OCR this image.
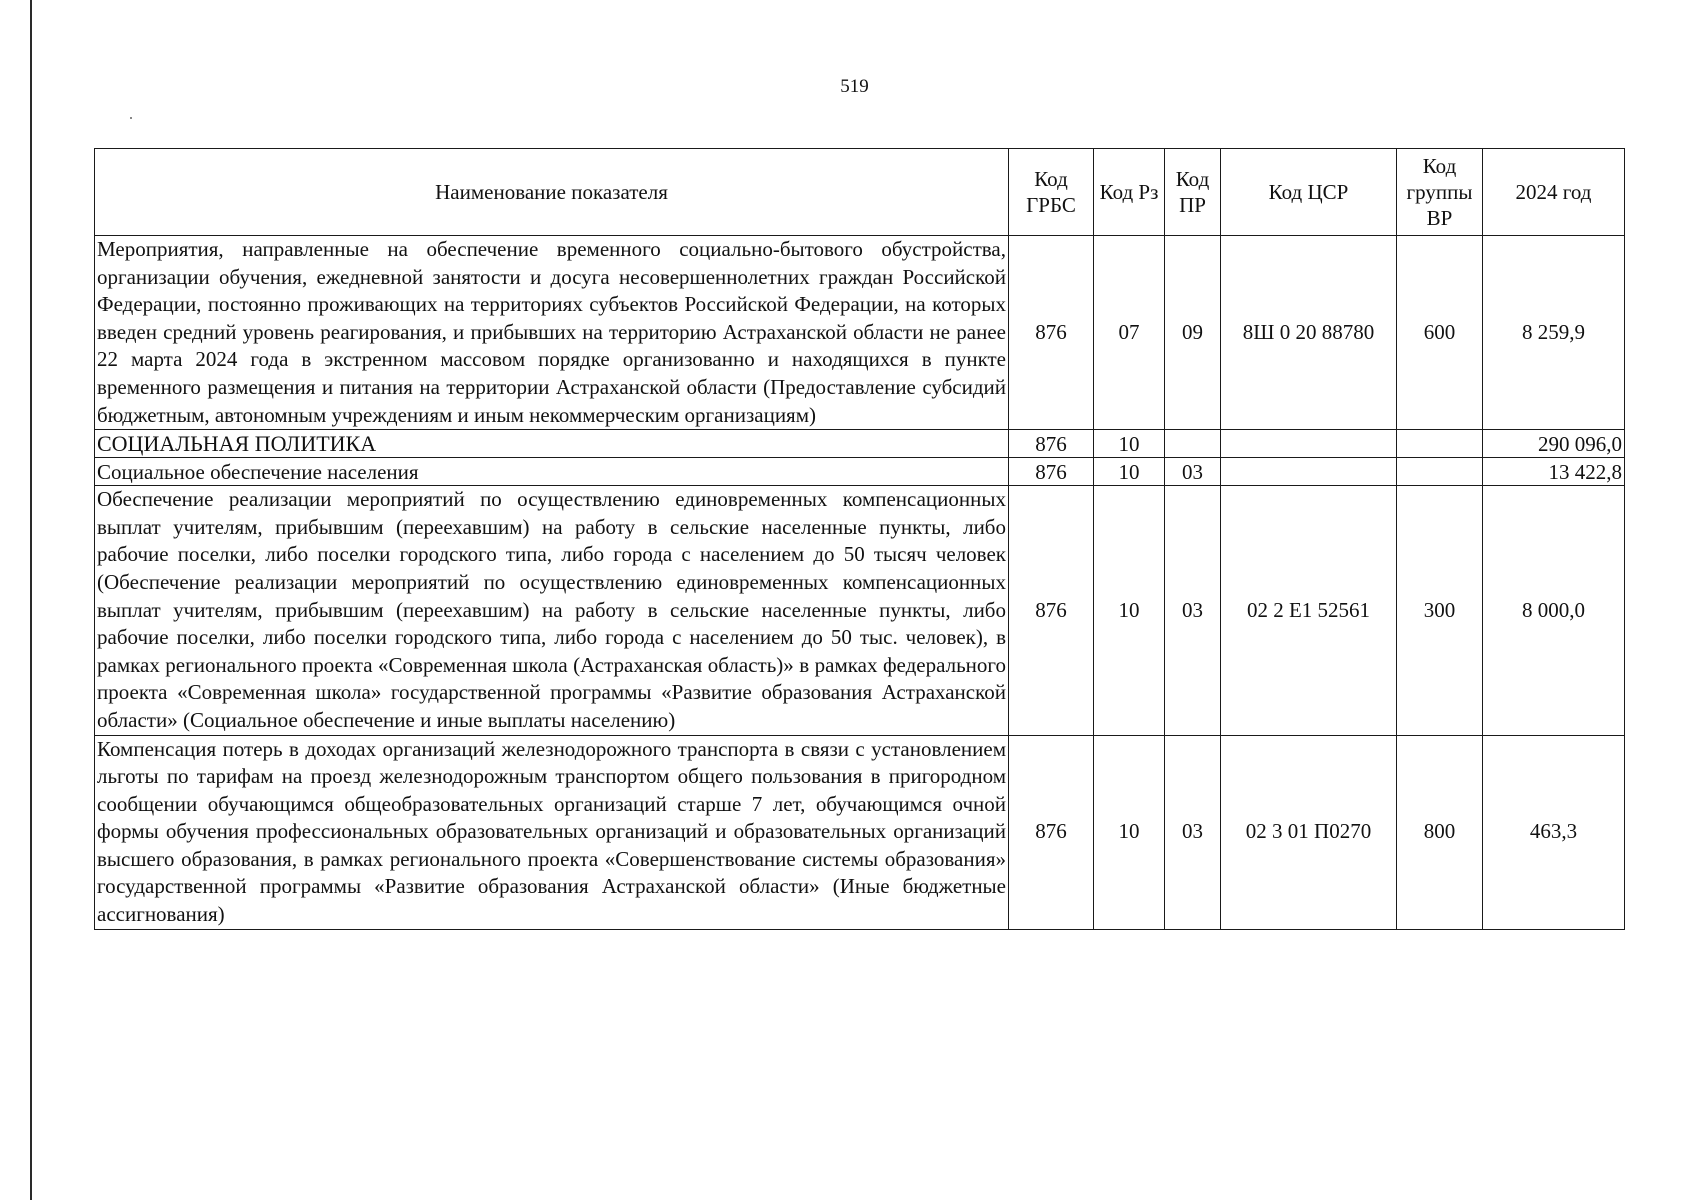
519
Наименование показателя	Код ГРБС	Код Рз	Код ПР	Код ЦСР	Код группы ВР	2024 год
Мероприятия, направленные на обеспечение временного социально-бытового обустройства, организации обучения, ежедневной занятости и досуга несовершеннолетних граждан Российской Федерации, постоянно проживающих на территориях субъектов Российской Федерации, на которых введен средний уровень реагирования, и прибывших на территорию Астраханской области не ранее 22 марта 2024 года в экстренном массовом порядке организованно и находящихся в пункте временного размещения и питания на территории Астраханской области (Предоставление субсидий бюджетным, автономным учреждениям и иным некоммерческим организациям)	876	07	09	8Ш 0 20 88780	600	8 259,9
СОЦИАЛЬНАЯ ПОЛИТИКА	876	10				290 096,0
Социальное обеспечение населения	876	10	03			13 422,8
Обеспечение реализации мероприятий по осуществлению единовременных компенсационных выплат учителям, прибывшим (переехавшим) на работу в сельские населенные пункты, либо рабочие поселки, либо поселки городского типа, либо города с населением до 50 тысяч человек (Обеспечение реализации мероприятий по осуществлению единовременных компенсационных выплат учителям, прибывшим (переехавшим) на работу в сельские населенные пункты, либо рабочие поселки, либо поселки городского типа, либо города с населением до 50 тыс. человек), в рамках регионального проекта «Современная школа (Астраханская область)» в рамках федерального проекта «Современная школа» государственной программы «Развитие образования Астраханской области» (Социальное обеспечение и иные выплаты населению)	876	10	03	02 2 Е1 52561	300	8 000,0
Компенсация потерь в доходах организаций железнодорожного транспорта в связи с установлением льготы по тарифам на проезд железнодорожным транспортом общего пользования в пригородном сообщении обучающимся общеобразовательных организаций старше 7 лет, обучающимся очной формы обучения профессиональных образовательных организаций и образовательных организаций высшего образования, в рамках регионального проекта «Совершенствование системы образования» государственной программы «Развитие образования Астраханской области» (Иные бюджетные ассигнования)	876	10	03	02 3 01 П0270	800	463,3
